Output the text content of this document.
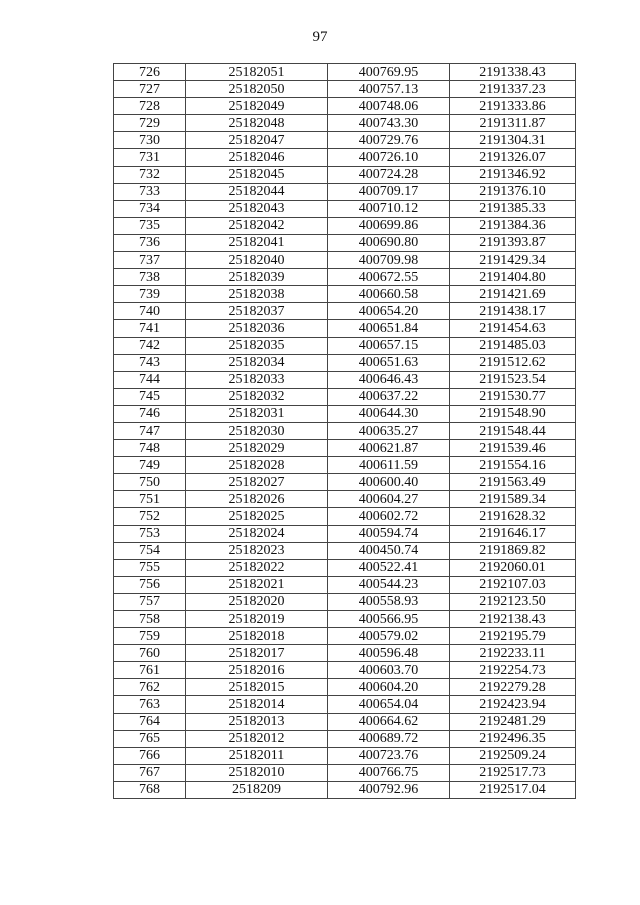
97
726	25182051	400769.95	2191338.43
727	25182050	400757.13	2191337.23
728	25182049	400748.06	2191333.86
729	25182048	400743.30	2191311.87
730	25182047	400729.76	2191304.31
731	25182046	400726.10	2191326.07
732	25182045	400724.28	2191346.92
733	25182044	400709.17	2191376.10
734	25182043	400710.12	2191385.33
735	25182042	400699.86	2191384.36
736	25182041	400690.80	2191393.87
737	25182040	400709.98	2191429.34
738	25182039	400672.55	2191404.80
739	25182038	400660.58	2191421.69
740	25182037	400654.20	2191438.17
741	25182036	400651.84	2191454.63
742	25182035	400657.15	2191485.03
743	25182034	400651.63	2191512.62
744	25182033	400646.43	2191523.54
745	25182032	400637.22	2191530.77
746	25182031	400644.30	2191548.90
747	25182030	400635.27	2191548.44
748	25182029	400621.87	2191539.46
749	25182028	400611.59	2191554.16
750	25182027	400600.40	2191563.49
751	25182026	400604.27	2191589.34
752	25182025	400602.72	2191628.32
753	25182024	400594.74	2191646.17
754	25182023	400450.74	2191869.82
755	25182022	400522.41	2192060.01
756	25182021	400544.23	2192107.03
757	25182020	400558.93	2192123.50
758	25182019	400566.95	2192138.43
759	25182018	400579.02	2192195.79
760	25182017	400596.48	2192233.11
761	25182016	400603.70	2192254.73
762	25182015	400604.20	2192279.28
763	25182014	400654.04	2192423.94
764	25182013	400664.62	2192481.29
765	25182012	400689.72	2192496.35
766	25182011	400723.76	2192509.24
767	25182010	400766.75	2192517.73
768	2518209	400792.96	2192517.04
